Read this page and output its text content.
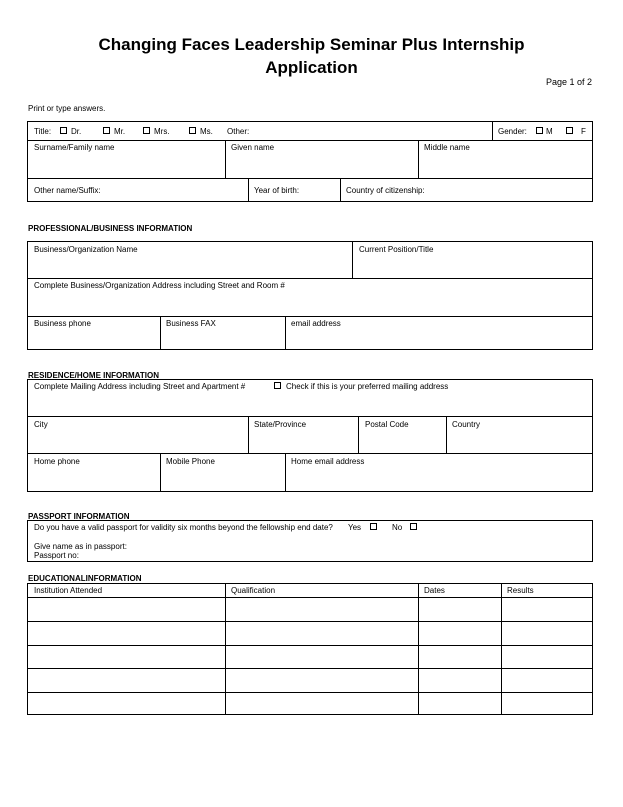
Changing Faces Leadership Seminar Plus Internship
Application
Page 1 of 2
Print or type answers.
Title: Dr.	Mr.	Mrs.	Ms. Other:	Gender: M	F
Surname/Family name	Given name	Middle name
Other name/Suffix:	Year of birth:	Country of citizenship:
PROFESSIONAL/BUSINESS INFORMATION
Business/Organization Name	Current Position/Title
Complete Business/Organization Address including Street and Room #
Business phone	Business FAX	email address
RESIDENCE/HOME INFORMATION
Complete Mailing Address including Street and Apartment #	Check if this is your preferred mailing address
City	State/Province	Postal Code	Country
Home phone	Mobile Phone	Home email address
PASSPORT INFORMATION
Do you have a valid passport for validity six months beyond the fellowship end date? Yes	No
Give name as in passport:
Passport no:
EDUCATIONALINFORMATION
Institution Attended	Qualification	Dates	Results
